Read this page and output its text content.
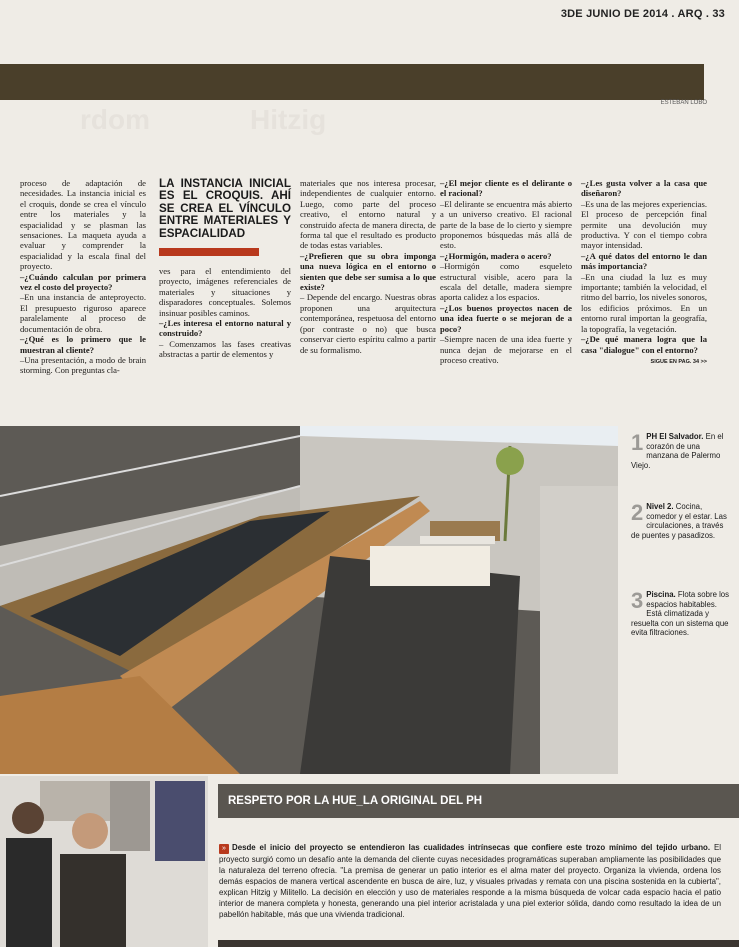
3DE JUNIO DE 2014 . ARQ . 33
ESTEBAN LOBO
rdom	Hitzig

proceso de adaptación de necesidades. La instancia inicial es el croquis, donde se crea el vínculo entre los materiales y la espacialidad y se plasman las sensaciones. La maqueta ayuda a evaluar y comprender la espacialidad y la escala final del proyecto.

–¿Cuándo calculan por primera vez el costo del proyecto?

–En una instancia de anteproyecto. El presupuesto riguroso aparece paralelamente al proceso de documentación de obra.

–¿Qué es lo primero que le muestran al cliente?

–Una presentación, a modo de brain storming. Con preguntas cla-

LA INSTANCIA INICIAL ES EL CROQUIS. AHÍ SE CREA EL VÍNCULO ENTRE MATERIALES Y ESPACIALIDAD

ves para el entendimiento del proyecto, imágenes referenciales de materiales y situaciones y disparadores conceptuales. Solemos insinuar posibles caminos.

–¿Les interesa el entorno natural y construido?

– Comenzamos las fases creativas abstractas a partir de elementos y

materiales que nos interesa procesar, independientes de cualquier entorno. Luego, como parte del proceso creativo, el entorno natural y construido afecta de manera directa, de forma tal que el resultado es producto de todas estas variables.

–¿Prefieren que su obra imponga una nueva lógica en el entorno o sienten que debe ser sumisa a lo que existe?

– Depende del encargo. Nuestras obras proponen una arquitectura contemporánea, respetuosa del entorno (por contraste o no) que busca conservar cierto espíritu calmo a partir de su formalismo.

–¿El mejor cliente es el delirante o el racional?

–El delirante se encuentra más abierto a un universo creativo. El racional parte de la base de lo cierto y siempre proponemos búsquedas más allá de esto.

–¿Hormigón, madera o acero?

–Hormigón como esqueleto estructural visible, acero para la escala del detalle, madera siempre aporta calidez a los espacios.

–¿Los buenos proyectos nacen de una idea fuerte o se mejoran de a poco?

–Siempre nacen de una idea fuerte y nunca dejan de mejorarse en el proceso creativo.

–¿Les gusta volver a la casa que diseñaron?

–Es una de las mejores experiencias. El proceso de percepción final permite una devolución muy productiva. Y con el tiempo cobra mayor intensidad.

–¿A qué datos del entorno le dan más importancia?

–En una ciudad la luz es muy importante; también la velocidad, el ritmo del barrio, los niveles sonoros, los edificios próximos. En un entorno rural importan la geografía, la topografía, la vegetación.

–¿De qué manera logra que la casa "dialogue" con el entorno?

SIGUE EN PAG. 34 >>
1 PH El Salvador. En el corazón de una manzana de Palermo Viejo.
2 Nivel 2. Cocina, comedor y el estar. Las circulaciones, a través de puentes y pasadizos.
3 Piscina. Flota sobre los espacios habitables. Está climatizada y resuelta con un sistema que evita filtraciones.
RESPETO POR LA HUE_LA ORIGINAL DEL PH
» Desde el inicio del proyecto se entendieron las cualidades intrínsecas que confiere este trozo mínimo del tejido urbano. El proyecto surgió como un desafío ante la demanda del cliente cuyas necesidades programáticas superaban ampliamente las posibilidades que la naturaleza del terreno ofrecía. "La premisa de generar un patio interior es el alma mater del proyecto. Organiza la vivienda, ordena los demás espacios de manera vertical ascendente en busca de aire, luz, y visuales privadas y remata con una piscina sostenida en la cubierta", explican Hitzig y Militello. La decisión en elección y uso de materiales responde a la misma búsqueda de volcar cada espacio hacia el patio interior de manera completa y honesta, generando una piel interior acristalada y una piel exterior sólida, dando como resultado la idea de un pabellón habitable, más que una vivienda tradicional.
